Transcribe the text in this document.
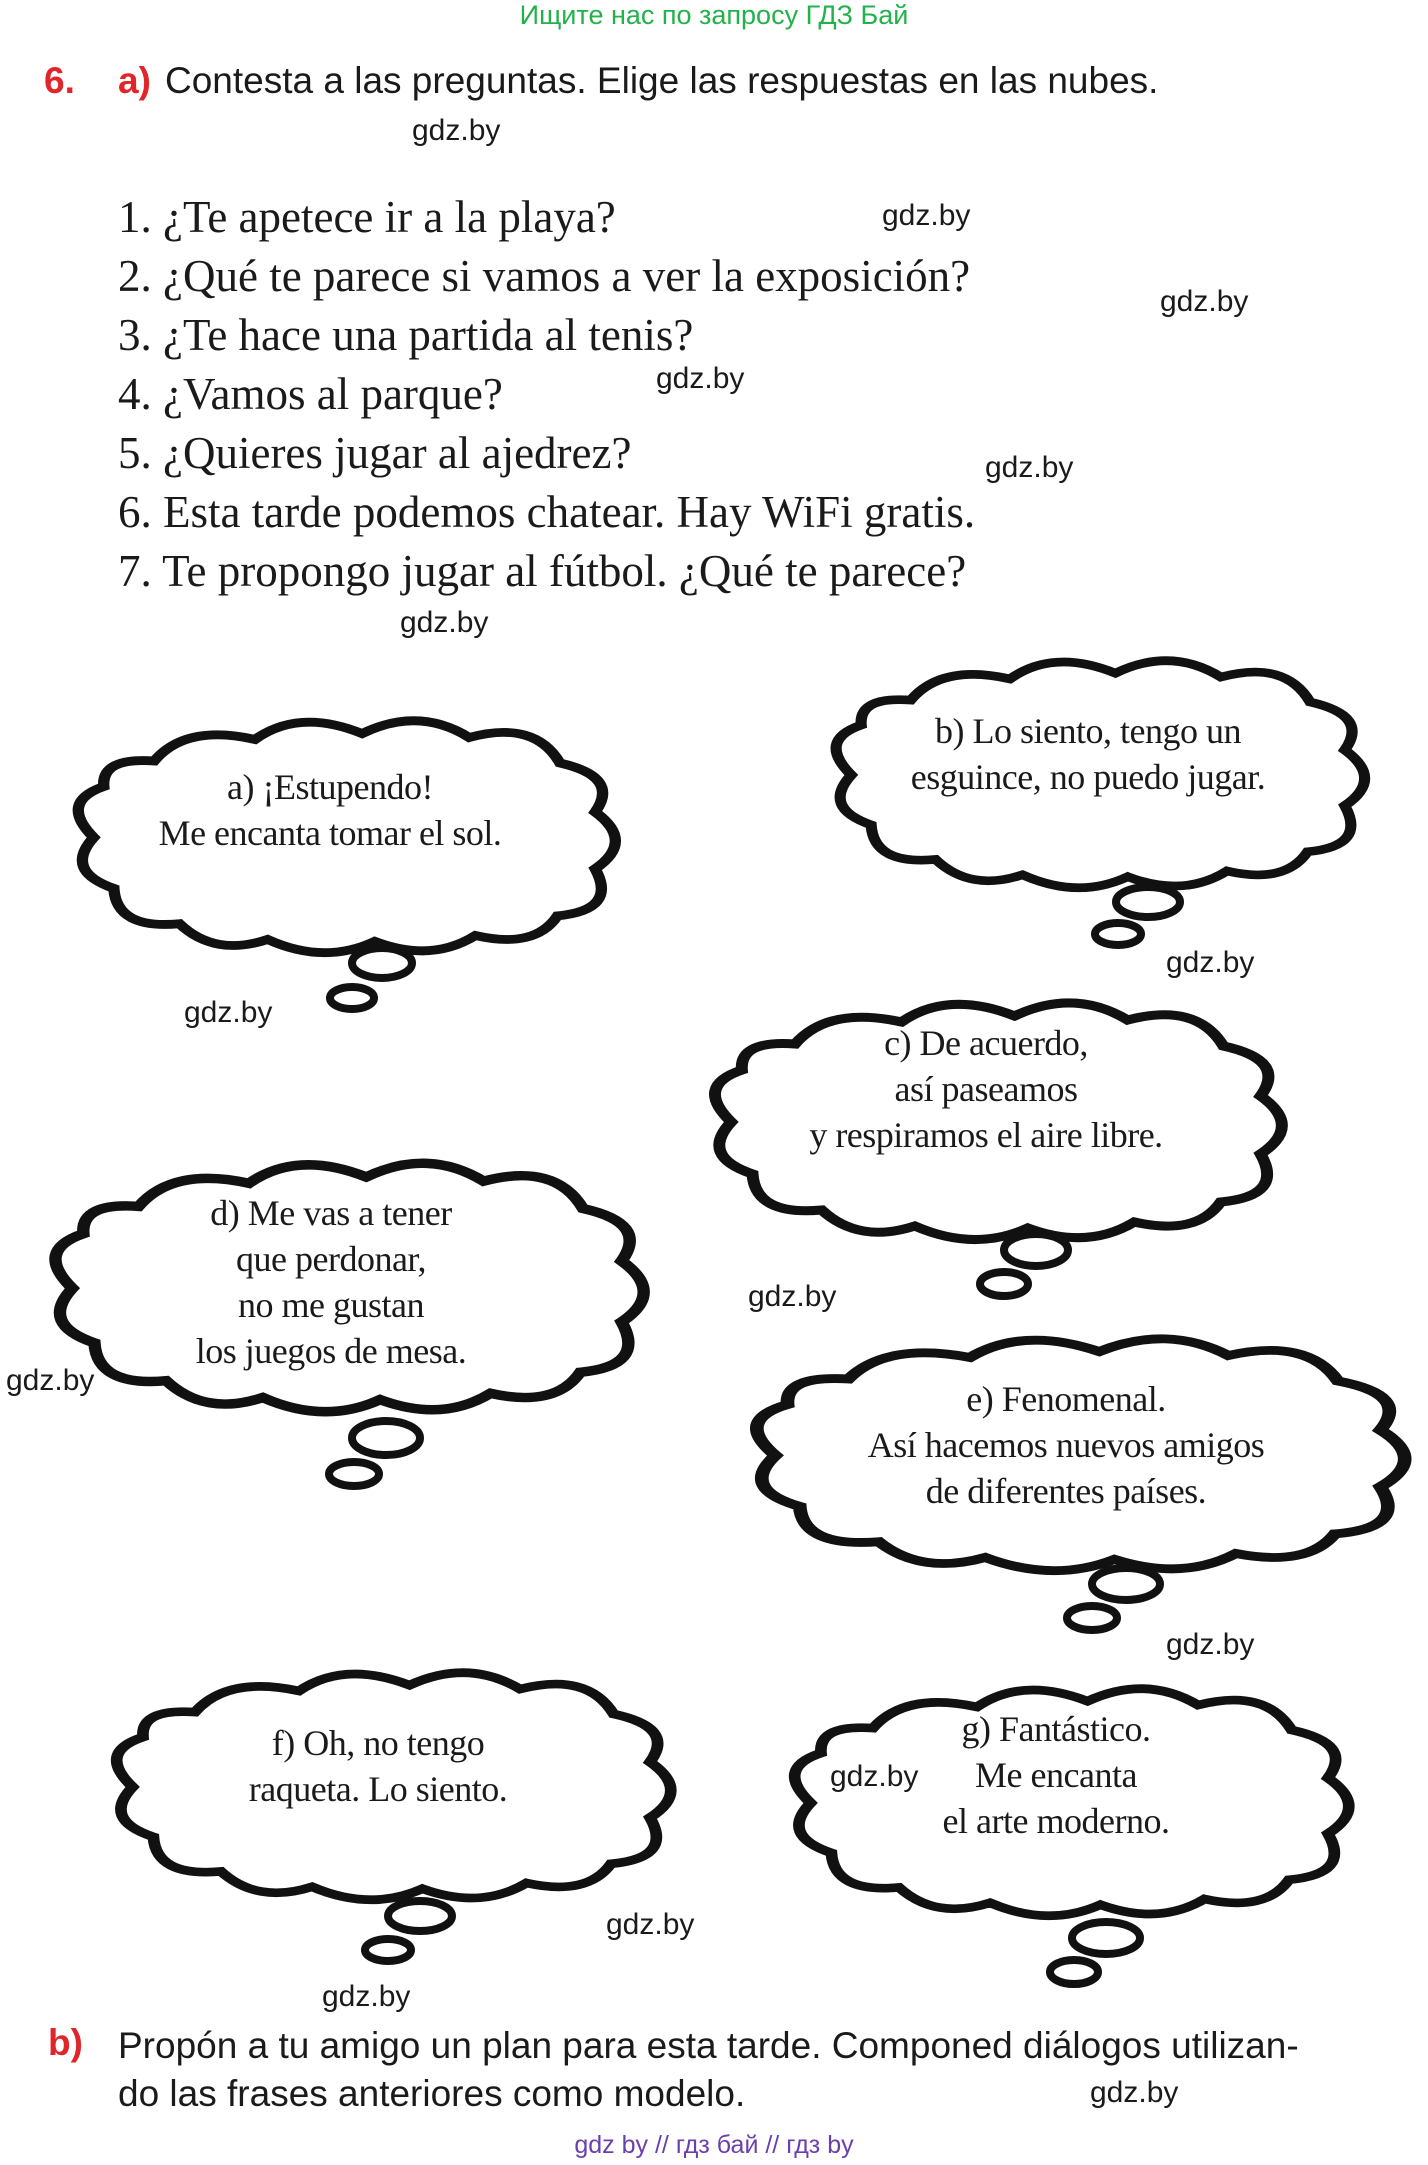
Ищите нас по запросу ГДЗ Бай
6. a) Contesta a las preguntas. Elige las respuestas en las nubes.
gdz.by
1. ¿Te apetece ir a la playa?
2. ¿Qué te parece si vamos a ver la exposición?
3. ¿Te hace una partida al tenis?
4. ¿Vamos al parque?
5. ¿Quieres jugar al ajedrez?
6. Esta tarde podemos chatear. Hay WiFi gratis.
7. Te propongo jugar al fútbol. ¿Qué te parece?
gdz.by
gdz.by
gdz.by
gdz.by
gdz.by
a) ¡Estupendo!
Me encanta tomar el sol.
b) Lo siento, tengo un
esguince, no puedo jugar.
gdz.by
gdz.by
c) De acuerdo,
así paseamos
y respiramos el aire libre.
d) Me vas a tener
que perdonar,
no me gustan
los juegos de mesa.
gdz.by
gdz.by	e) Fenomenal.
Así hacemos nuevos amigos
de diferentes países.
gdz.by
f) Oh, no tengo
raqueta. Lo siento.
g) Fantástico.
Me encanta
el arte moderno.
gdz.by
gdz.by
gdz.by
b) Propón a tu amigo un plan para esta tarde. Componed diálogos utilizan-
do las frases anteriores como modelo.	gdz.by
gdz by // гдз бай // гдз by
